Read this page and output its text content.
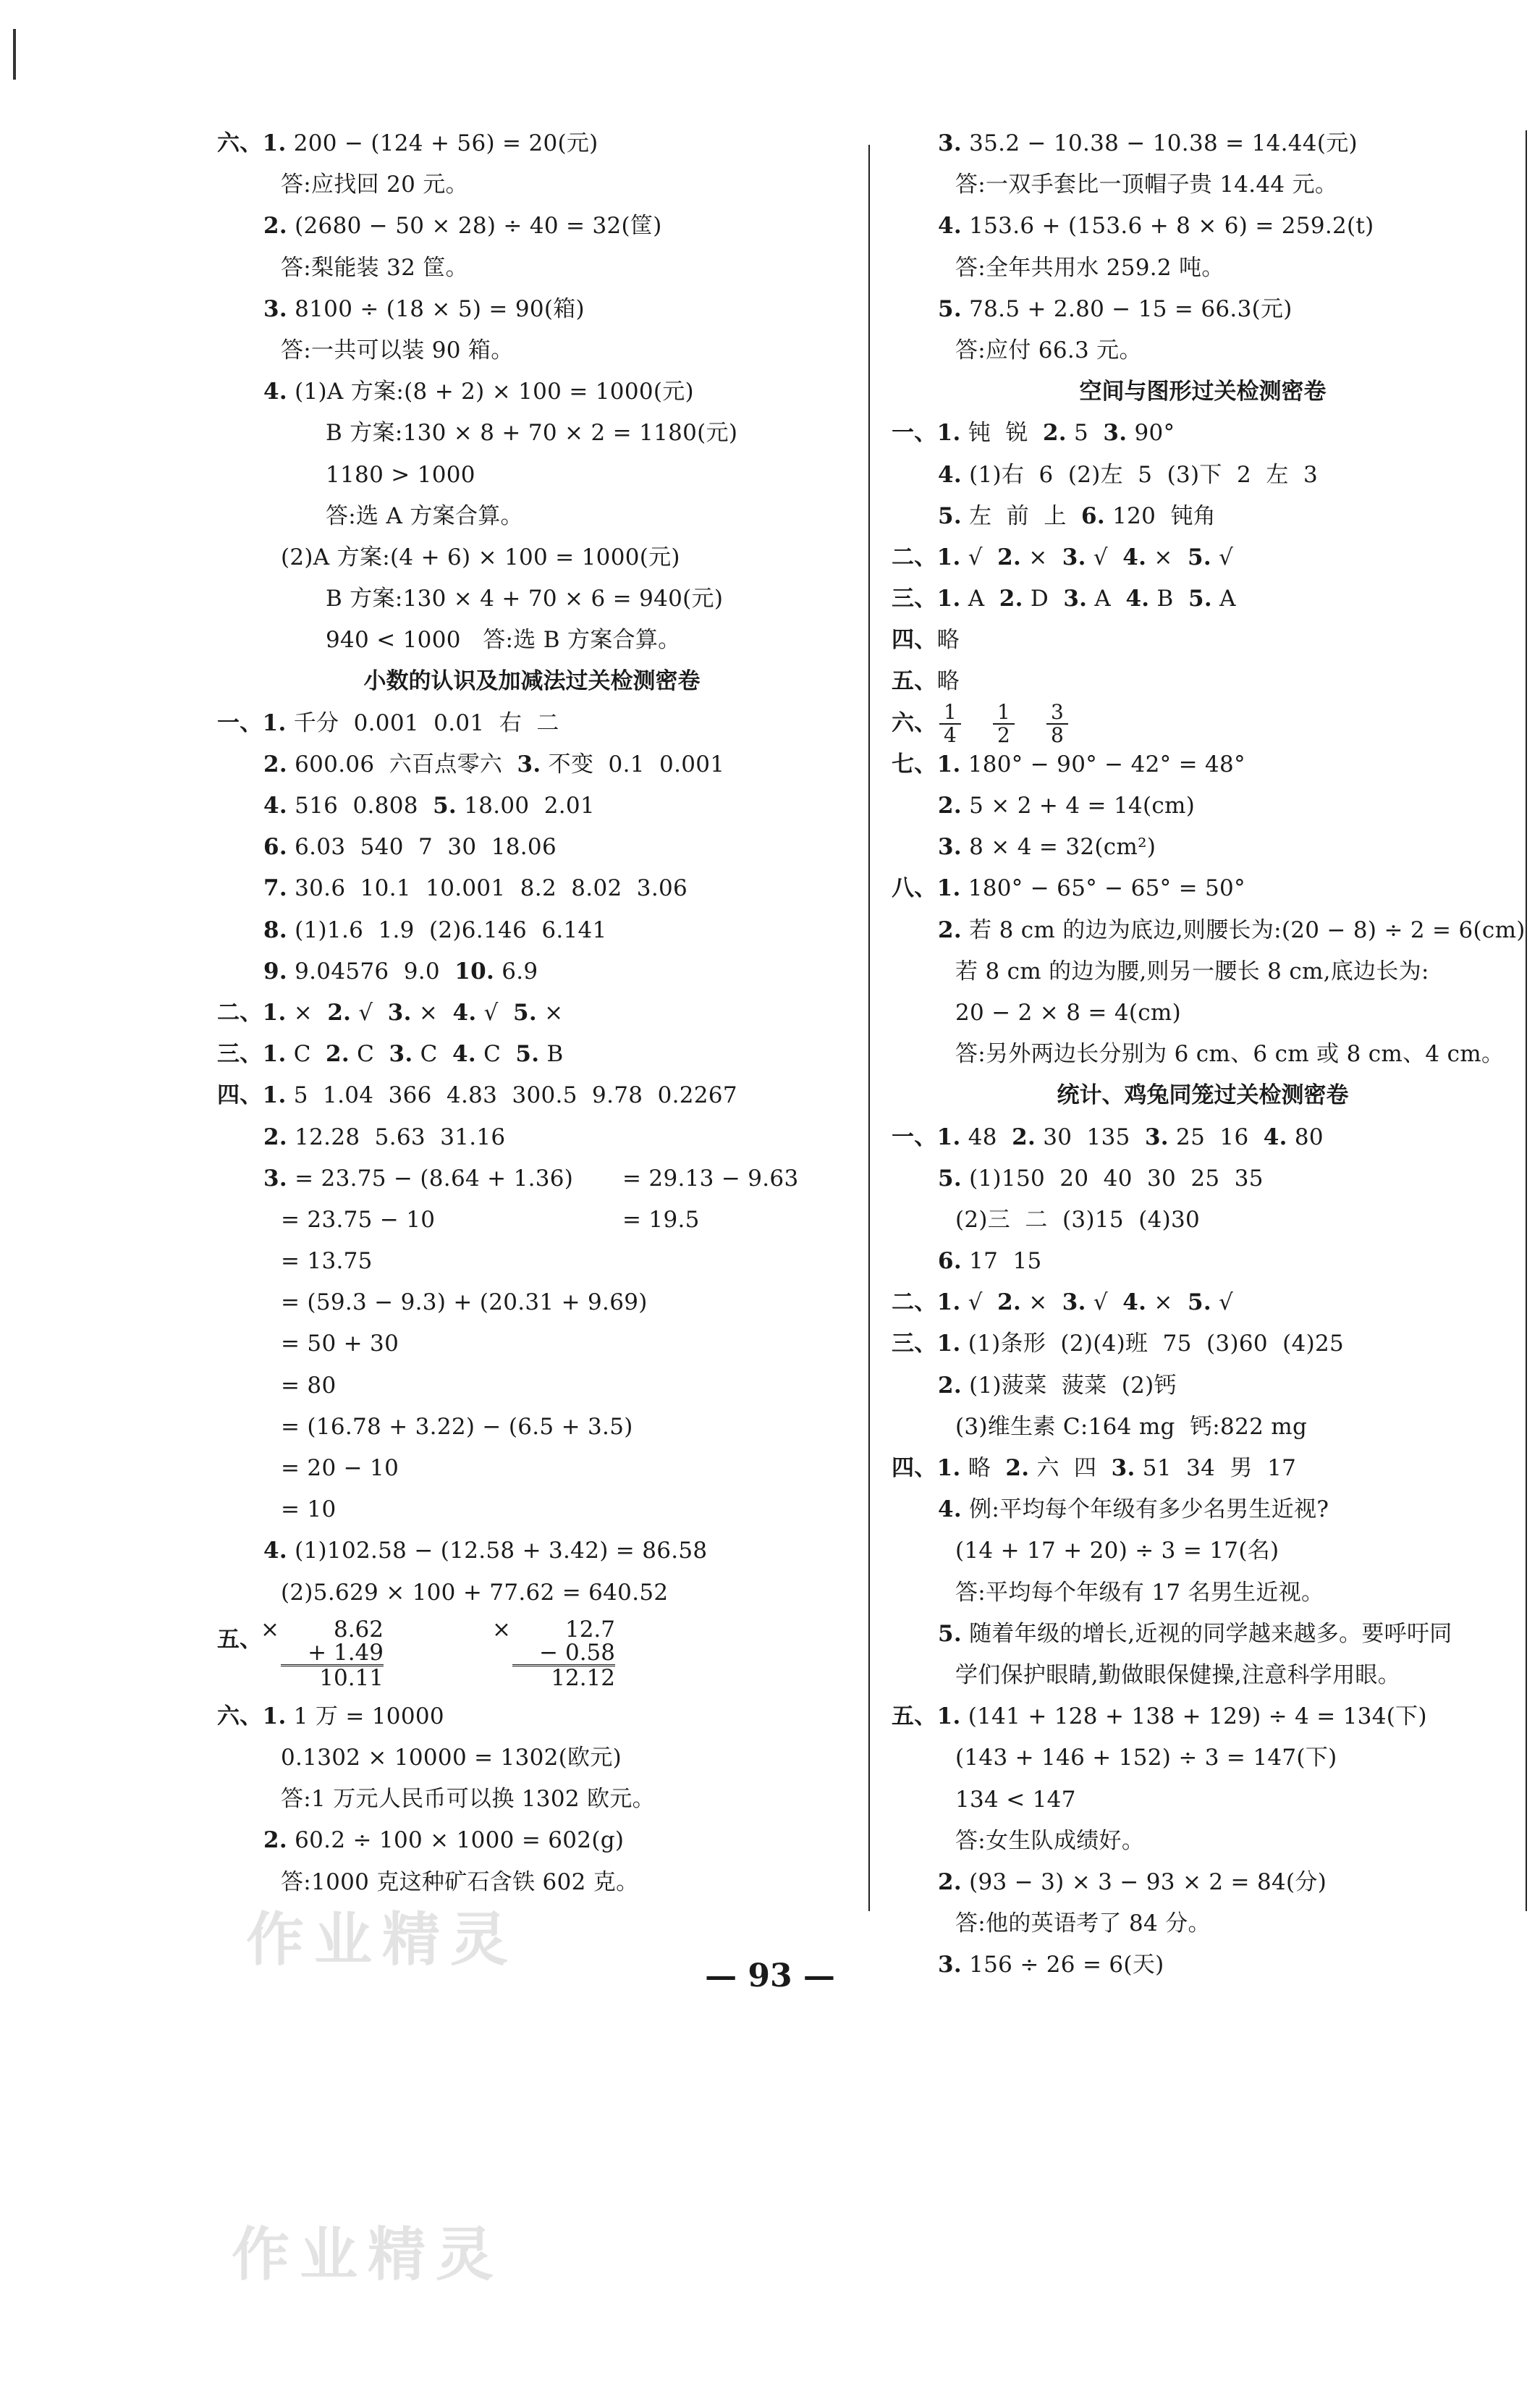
六、1. 200 − (124 + 56) = 20(元)
答:应找回 20 元。
2. (2680 − 50 × 28) ÷ 40 = 32(筐)
答:梨能装 32 筐。
3. 8100 ÷ (18 × 5) = 90(箱)
答:一共可以装 90 箱。
4. (1)A 方案:(8 + 2) × 100 = 1000(元)
B 方案:130 × 8 + 70 × 2 = 1180(元)
1180 > 1000
答:选 A 方案合算。
(2)A 方案:(4 + 6) × 100 = 1000(元)
B 方案:130 × 4 + 70 × 6 = 940(元)
940 < 1000   答:选 B 方案合算。
小数的认识及加减法过关检测密卷
一、1. 千分  0.001  0.01  右  二
2. 600.06  六百点零六  3. 不变  0.1  0.001
4. 516  0.808  5. 18.00  2.01
6. 6.03  540  7  30  18.06
7. 30.6  10.1  10.001  8.2  8.02  3.06
8. (1)1.6  1.9  (2)6.146  6.141
9. 9.04576  9.0  10. 6.9
二、1. ×  2. √  3. ×  4. √  5. ×
三、1. C  2. C  3. C  4. C  5. B
四、1. 5  1.04  366  4.83  300.5  9.78  0.2267
2. 12.28  5.63  31.16
3. = 23.75 − (8.64 + 1.36) = 29.13 − 9.63
= 23.75 − 10	= 19.5
= 13.75
= (59.3 − 9.3) + (20.31 + 9.69)
= 50 + 30
= 80
= (16.78 + 3.22) − (6.5 + 3.5)
= 20 − 10
= 10
4. (1)102.58 − (12.58 + 3.42) = 86.58
(2)5.629 × 100 + 77.62 = 640.52
五、
×	8.62
+ 1.49
10.11
×	12.7
− 0.58
12.12
六、1. 1 万 = 10000
0.1302 × 10000 = 1302(欧元)
答:1 万元人民币可以换 1302 欧元。
2. 60.2 ÷ 100 × 1000 = 602(g)
答:1000 克这种矿石含铁 602 克。
3. 35.2 − 10.38 − 10.38 = 14.44(元)
答:一双手套比一顶帽子贵 14.44 元。
4. 153.6 + (153.6 + 8 × 6) = 259.2(t)
答:全年共用水 259.2 吨。
5. 78.5 + 2.80 − 15 = 66.3(元)
答:应付 66.3 元。
空间与图形过关检测密卷
一、1. 钝  锐  2. 5  3. 90°
4. (1)右  6  (2)左  5  (3)下  2  左  3
5. 左  前  上  6. 120  钝角
二、1. √  2. ×  3. √  4. ×  5. √
三、1. A  2. D  3. A  4. B  5. A
四、略
五、略
六、 $\frac{1}{4} \frac{1}{2} \frac{3}{8}$
七、1. 180° − 90° − 42° = 48°
2. 5 × 2 + 4 = 14(cm)
3. 8 × 4 = 32(cm²)
八、1. 180° − 65° − 65° = 50°
2. 若 8 cm 的边为底边,则腰长为:(20 − 8) ÷ 2 = 6(cm)
若 8 cm 的边为腰,则另一腰长 8 cm,底边长为:
20 − 2 × 8 = 4(cm)
答:另外两边长分别为 6 cm、6 cm 或 8 cm、4 cm。
统计、鸡兔同笼过关检测密卷
一、1. 48  2. 30  135  3. 25  16  4. 80
5. (1)150  20  40  30  25  35
(2)三  二  (3)15  (4)30
6. 17  15
二、1. √  2. ×  3. √  4. ×  5. √
三、1. (1)条形  (2)(4)班  75  (3)60  (4)25
2. (1)菠菜  菠菜  (2)钙
(3)维生素 C:164 mg  钙:822 mg
四、1. 略  2. 六  四  3. 51  34  男  17
4. 例:平均每个年级有多少名男生近视?
(14 + 17 + 20) ÷ 3 = 17(名)
答:平均每个年级有 17 名男生近视。
5. 随着年级的增长,近视的同学越来越多。要呼吁同
学们保护眼睛,勤做眼保健操,注意科学用眼。
五、1. (141 + 128 + 138 + 129) ÷ 4 = 134(下)
(143 + 146 + 152) ÷ 3 = 147(下)
134 < 147
答:女生队成绩好。
2. (93 − 3) × 3 − 93 × 2 = 84(分)
答:他的英语考了 84 分。
3. 156 ÷ 26 = 6(天)
— 93 —
作业精灵
作业精灵
